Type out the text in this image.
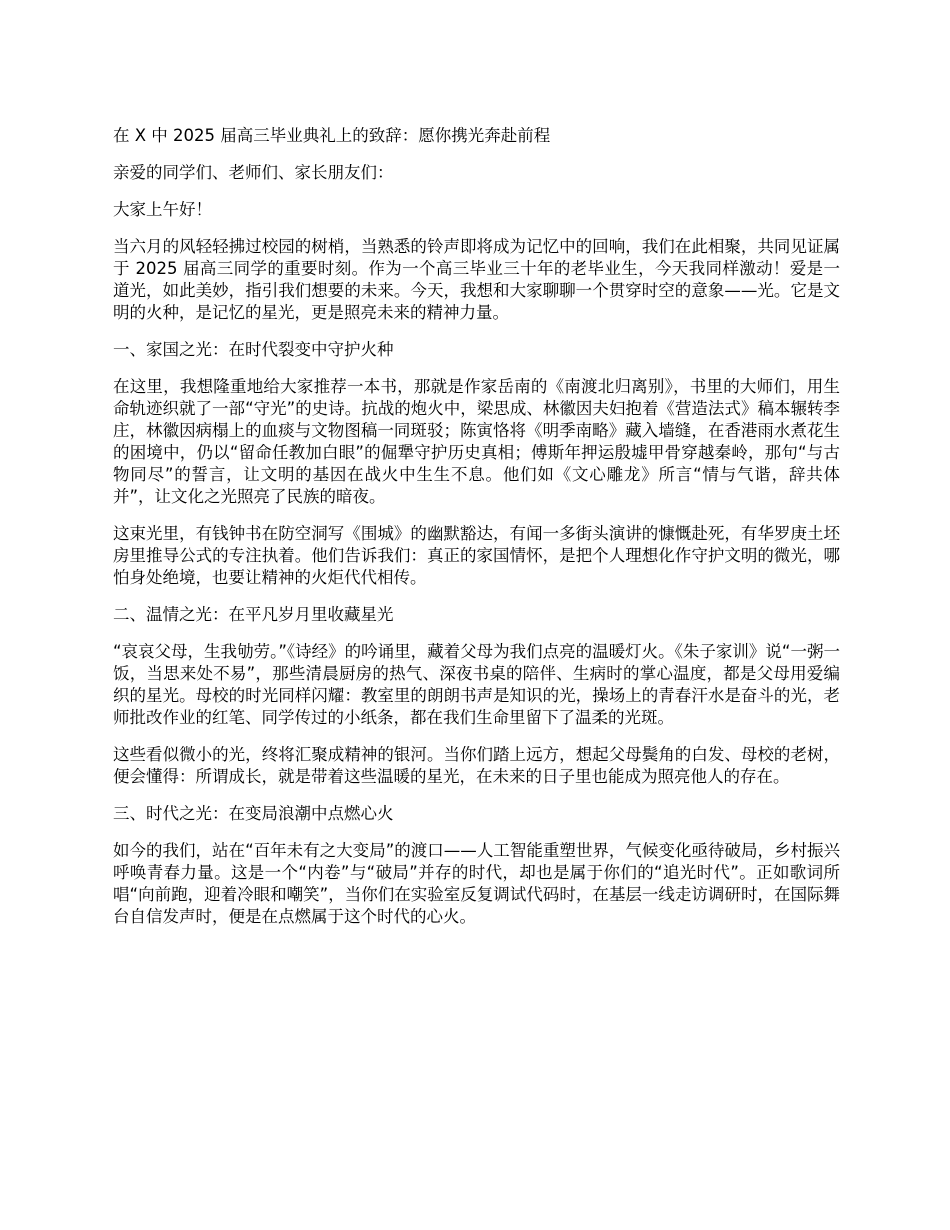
在 X 中 2025 届高三毕业典礼上的致辞：愿你携光奔赴前程

亲爱的同学们、老师们、家长朋友们：

大家上午好！

当六月的风轻轻拂过校园的树梢，当熟悉的铃声即将成为记忆中的回响，我们在此相聚，共同见证属于 2025 届高三同学的重要时刻。作为一个高三毕业三十年的老毕业生，今天我同样激动！爱是一道光，如此美妙，指引我们想要的未来。今天，我想和大家聊聊一个贯穿时空的意象——光。它是文明的火种，是记忆的星光，更是照亮未来的精神力量。

一、家国之光：在时代裂变中守护火种

在这里，我想隆重地给大家推荐一本书，那就是作家岳南的《南渡北归离别》，书里的大师们，用生命轨迹织就了一部“守光”的史诗。抗战的炮火中，梁思成、林徽因夫妇抱着《营造法式》稿本辗转李庄，林徽因病榻上的血痰与文物图稿一同斑驳；陈寅恪将《明季南略》藏入墙缝，在香港雨水煮花生的困境中，仍以“留命任教加白眼”的倔犟守护历史真相；傅斯年押运殷墟甲骨穿越秦岭，那句“与古物同尽”的誓言，让文明的基因在战火中生生不息。他们如《文心雕龙》所言“情与气谐，辞共体并”，让文化之光照亮了民族的暗夜。

这束光里，有钱钟书在防空洞写《围城》的幽默豁达，有闻一多街头演讲的慷慨赴死，有华罗庚土坯房里推导公式的专注执着。他们告诉我们：真正的家国情怀，是把个人理想化作守护文明的微光，哪怕身处绝境，也要让精神的火炬代代相传。

二、温情之光：在平凡岁月里收藏星光

“哀哀父母，生我劬劳。”《诗经》的吟诵里，藏着父母为我们点亮的温暖灯火。《朱子家训》说“一粥一饭，当思来处不易”，那些清晨厨房的热气、深夜书桌的陪伴、生病时的掌心温度，都是父母用爱编织的星光。母校的时光同样闪耀：教室里的朗朗书声是知识的光，操场上的青春汗水是奋斗的光，老师批改作业的红笔、同学传过的小纸条，都在我们生命里留下了温柔的光斑。

这些看似微小的光，终将汇聚成精神的银河。当你们踏上远方，想起父母鬓角的白发、母校的老树，便会懂得：所谓成长，就是带着这些温暖的星光，在未来的日子里也能成为照亮他人的存在。

三、时代之光：在变局浪潮中点燃心火

如今的我们，站在“百年未有之大变局”的渡口——人工智能重塑世界，气候变化亟待破局，乡村振兴呼唤青春力量。这是一个“内卷”与“破局”并存的时代，却也是属于你们的“追光时代”。正如歌词所唱“向前跑，迎着冷眼和嘲笑”，当你们在实验室反复调试代码时，在基层一线走访调研时，在国际舞台自信发声时，便是在点燃属于这个时代的心火。
